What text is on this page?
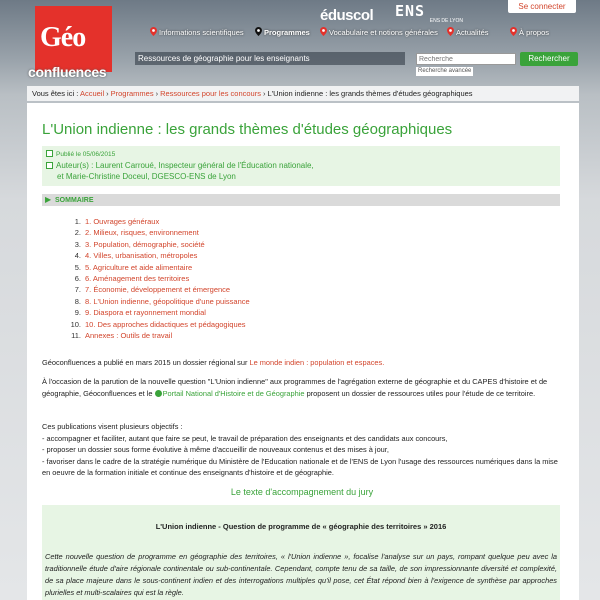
Géo
confluences
éduscol ENS
ENS DE LYON
Se connecter
Informations scientifiques	Programmes	Vocabulaire et notions générales	Actualités	À propos
Ressources de géographie pour les enseignants
Recherche	Rechercher
Recherche avancée
Vous êtes ici : Accueil › Programmes › Ressources pour les concours › L'Union indienne : les grands thèmes d'études géographiques
L'Union indienne : les grands thèmes d'études géographiques
Publié le 05/06/2015
Auteur(s) : Laurent Carroué, Inspecteur général de l'Éducation nationale,
et Marie-Christine Doceul, DGESCO-ENS de Lyon
▶ SOMMAIRE
1. 1. Ouvrages généraux
2. 2. Milieux, risques, environnement
3. 3. Population, démographie, société
4. 4. Villes, urbanisation, métropoles
5. 5. Agriculture et aide alimentaire
6. 6. Aménagement des territoires
7. 7. Économie, développement et émergence
8. 8. L'Union indienne, géopolitique d'une puissance
9. 9. Diaspora et rayonnement mondial
10. 10. Des approches didactiques et pédagogiques
11. Annexes : Outils de travail

Géoconfluences a publié en mars 2015 un dossier régional sur Le monde indien : population et espaces.

À l'occasion de la parution de la nouvelle question "L'Union indienne" aux programmes de l'agrégation externe de géographie et du CAPES d'histoire et de géographie, Géoconfluences et le Portail National d'Histoire et de Géographie proposent un dossier de ressources utiles pour l'étude de ce territoire.

Ces publications visent plusieurs objectifs :
- accompagner et faciliter, autant que faire se peut, le travail de préparation des enseignants et des candidats aux concours,
- proposer un dossier sous forme évolutive à même d'accueillir de nouveaux contenus et des mises à jour,
- favoriser dans le cadre de la stratégie numérique du Ministère de l'Education nationale et de l'ENS de Lyon l'usage des ressources numériques dans la mise en oeuvre de la formation initiale et continue des enseignants d'histoire et de géographie.
Le texte d'accompagnement du jury
L'Union indienne - Question de programme de « géographie des territoires » 2016
Cette nouvelle question de programme en géographie des territoires, « l'Union indienne », focalise l'analyse sur un pays, rompant quelque peu avec la traditionnelle étude d'aire régionale continentale ou sub-continentale. Cependant, compte tenu de sa taille, de son impressionnante diversité et complexité, de sa place majeure dans le sous-continent indien et des interrogations multiples qu'il pose, cet État répond bien à l'exigence de synthèse par approches plurielles et multi-scalaires qui est la règle.
